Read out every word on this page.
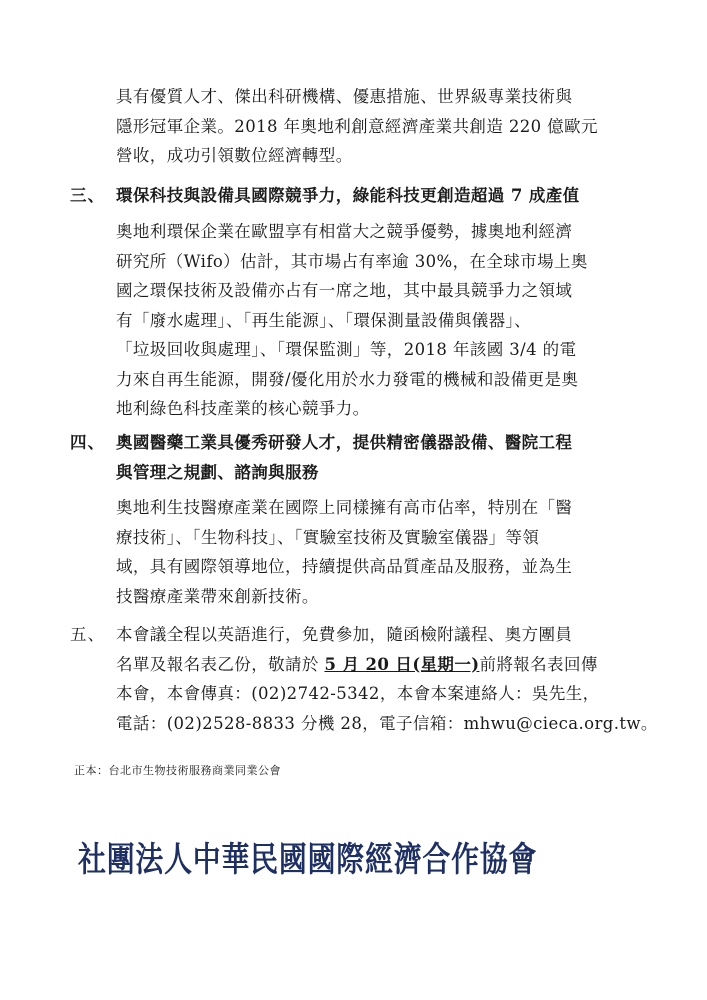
具有優質人才、傑出科研機構、優惠措施、世界級專業技術與
隱形冠軍企業。2018 年奧地利創意經濟產業共創造 220 億歐元
營收，成功引領數位經濟轉型。
三、 環保科技與設備具國際競爭力，綠能科技更創造超過 7 成產值
奧地利環保企業在歐盟享有相當大之競爭優勢，據奧地利經濟
研究所（Wifo）估計，其市場占有率逾 30%，在全球市場上奧
國之環保技術及設備亦占有一席之地，其中最具競爭力之領域
有「廢水處理」、「再生能源」、「環保測量設備與儀器」、
「垃圾回收與處理」、「環保監測」等，2018 年該國 3/4 的電
力來自再生能源，開發/優化用於水力發電的機械和設備更是奧
地利綠色科技產業的核心競爭力。
四、 奧國醫藥工業具優秀研發人才，提供精密儀器設備、醫院工程
與管理之規劃、諮詢與服務
奧地利生技醫療產業在國際上同樣擁有高市佔率，特別在「醫
療技術」、「生物科技」、「實驗室技術及實驗室儀器」等領
域，具有國際領導地位，持續提供高品質產品及服務，並為生
技醫療產業帶來創新技術。
五、 本會議全程以英語進行，免費參加，隨函檢附議程、奧方團員
名單及報名表乙份，敬請於 5 月 20 日(星期一)前將報名表回傳
本會，本會傳真：(02)2742-5342，本會本案連絡人：吳先生，
電話：(02)2528-8833 分機 28，電子信箱：mhwu@cieca.org.tw。
正本：台北市生物技術服務商業同業公會
社團法人中華民國國際經濟合作協會
